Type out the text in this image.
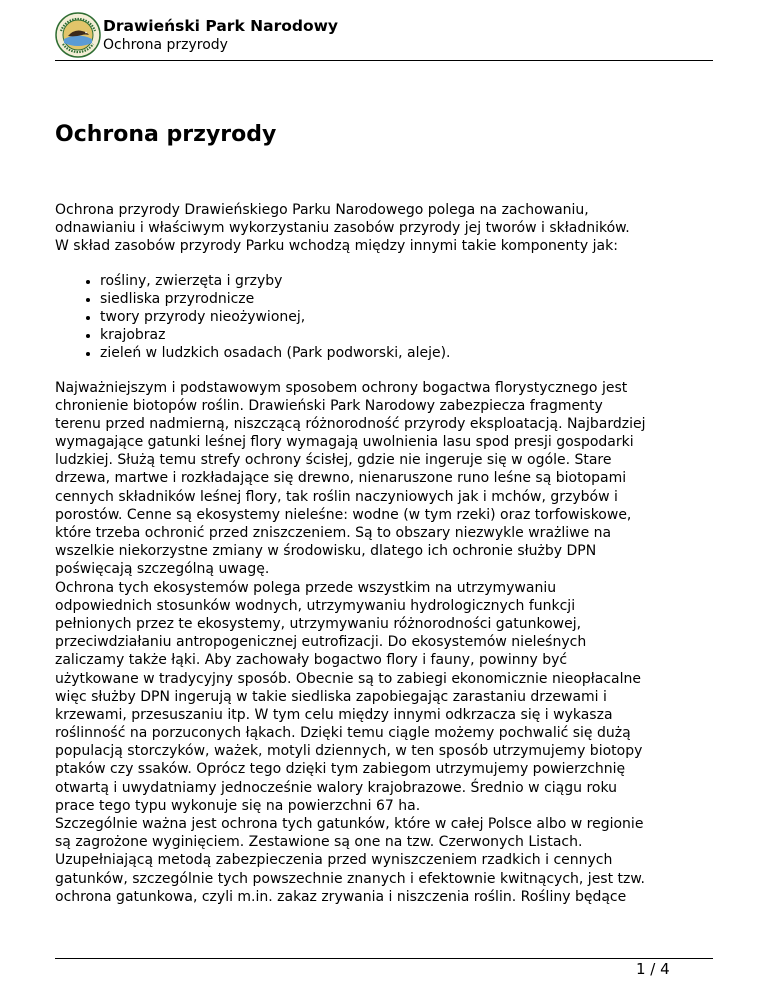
Drawieński Park Narodowy
Ochrona przyrody
Ochrona przyrody

Ochrona przyrody Drawieńskiego Parku Narodowego polega na zachowaniu,
odnawianiu i właściwym wykorzystaniu zasobów przyrody jej tworów i składników.
W skład zasobów przyrody Parku wchodzą między innymi takie komponenty jak:

• rośliny, zwierzęta i grzyby
• siedliska przyrodnicze
• twory przyrody nieożywionej,
• krajobraz
• zieleń w ludzkich osadach (Park podworski, aleje).

Najważniejszym i podstawowym sposobem ochrony bogactwa florystycznego jest
chronienie biotopów roślin. Drawieński Park Narodowy zabezpiecza fragmenty
terenu przed nadmierną, niszczącą różnorodność przyrody eksploatacją. Najbardziej
wymagające gatunki leśnej flory wymagają uwolnienia lasu spod presji gospodarki
ludzkiej. Służą temu strefy ochrony ścisłej, gdzie nie ingeruje się w ogóle. Stare
drzewa, martwe i rozkładające się drewno, nienaruszone runo leśne są biotopami
cennych składników leśnej flory, tak roślin naczyniowych jak i mchów, grzybów i
porostów. Cenne są ekosystemy nieleśne: wodne (w tym rzeki) oraz torfowiskowe,
które trzeba ochronić przed zniszczeniem. Są to obszary niezwykle wrażliwe na
wszelkie niekorzystne zmiany w środowisku, dlatego ich ochronie służby DPN
poświęcają szczególną uwagę.
Ochrona tych ekosystemów polega przede wszystkim na utrzymywaniu
odpowiednich stosunków wodnych, utrzymywaniu hydrologicznych funkcji
pełnionych przez te ekosystemy, utrzymywaniu różnorodności gatunkowej,
przeciwdziałaniu antropogenicznej eutrofizacji. Do ekosystemów nieleśnych
zaliczamy także łąki. Aby zachowały bogactwo flory i fauny, powinny być
użytkowane w tradycyjny sposób. Obecnie są to zabiegi ekonomicznie nieopłacalne
więc służby DPN ingerują w takie siedliska zapobiegając zarastaniu drzewami i
krzewami, przesuszaniu itp. W tym celu między innymi odkrzacza się i wykasza
roślinność na porzuconych łąkach. Dzięki temu ciągle możemy pochwalić się dużą
populacją storczyków, ważek, motyli dziennych, w ten sposób utrzymujemy biotopy
ptaków czy ssaków. Oprócz tego dzięki tym zabiegom utrzymujemy powierzchnię
otwartą i uwydatniamy jednocześnie walory krajobrazowe. Średnio w ciągu roku
prace tego typu wykonuje się na powierzchni 67 ha.
Szczególnie ważna jest ochrona tych gatunków, które w całej Polsce albo w regionie
są zagrożone wyginięciem. Zestawione są one na tzw. Czerwonych Listach.
Uzupełniającą metodą zabezpieczenia przed wyniszczeniem rzadkich i cennych
gatunków, szczególnie tych powszechnie znanych i efektownie kwitnących, jest tzw.
ochrona gatunkowa, czyli m.in. zakaz zrywania i niszczenia roślin. Rośliny będące

1 / 4
